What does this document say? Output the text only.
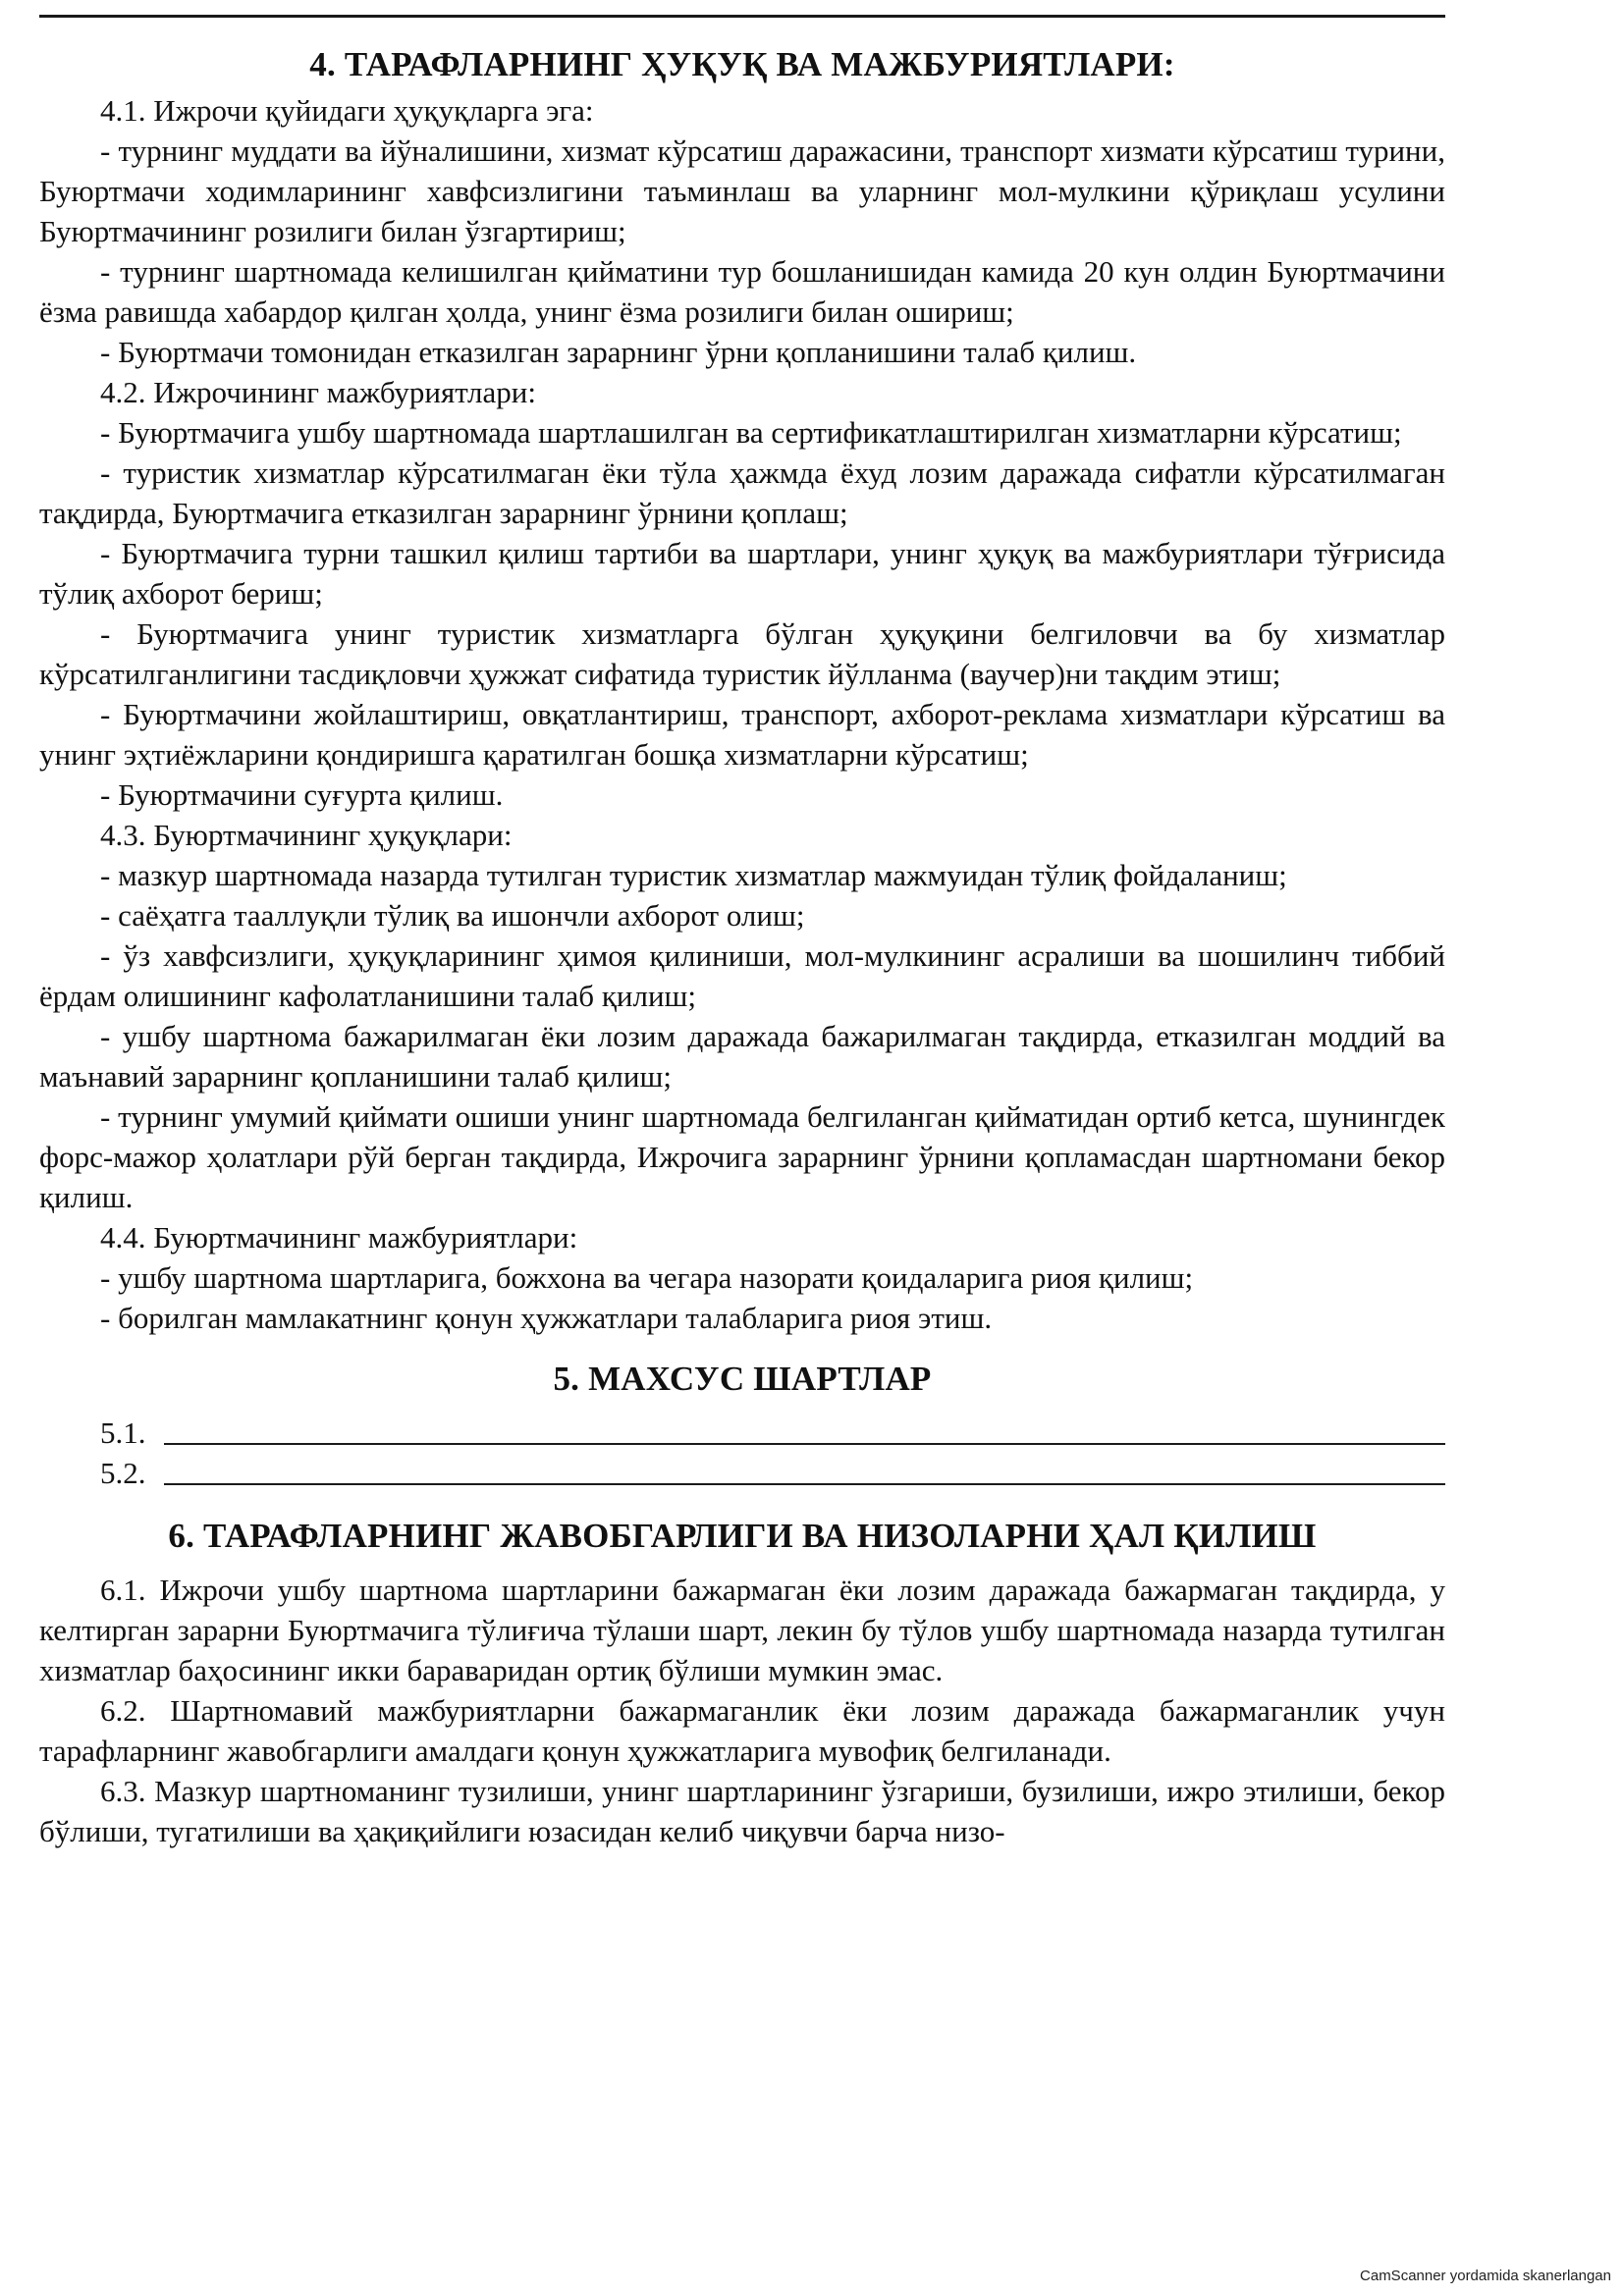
4. ТАРАФЛАРНИНГ ҲУҚУҚ ВА МАЖБУРИЯТЛАРИ:

4.1. Ижрочи қуйидаги ҳуқуқларга эга:

- турнинг муддати ва йўналишини, хизмат кўрсатиш даражасини, транспорт хизмати кўрсатиш турини, Буюртмачи ходимларининг хавфсизлигини таъминлаш ва уларнинг мол-мулкини қўриқлаш усулини Буюртмачининг розилиги билан ўзгартириш;

- турнинг шартномада келишилган қийматини тур бошланишидан камида 20 кун олдин Буюртмачини ёзма равишда хабардор қилган ҳолда, унинг ёзма розилиги билан ошириш;

- Буюртмачи томонидан етказилган зарарнинг ўрни қопланишини талаб қилиш.

4.2. Ижрочининг мажбуриятлари:

- Буюртмачига ушбу шартномада шартлашилган ва сертификатлаштирилган хизматларни кўрсатиш;

- туристик хизматлар кўрсатилмаган ёки тўла ҳажмда ёхуд лозим даражада сифатли кўрсатилмаган тақдирда, Буюртмачига етказилган зарарнинг ўрнини қоплаш;

- Буюртмачига турни ташкил қилиш тартиби ва шартлари, унинг ҳуқуқ ва мажбуриятлари тўғрисида тўлиқ ахборот бериш;

- Буюртмачига унинг туристик хизматларга бўлган ҳуқуқини белгиловчи ва бу хизматлар кўрсатилганлигини тасдиқловчи ҳужжат сифатида туристик йўлланма (ваучер)ни тақдим этиш;

- Буюртмачини жойлаштириш, овқатлантириш, транспорт, ахборот-реклама хизматлари кўрсатиш ва унинг эҳтиёжларини қондиришга қаратилган бошқа хизматларни кўрсатиш;

- Буюртмачини суғурта қилиш.

4.3. Буюртмачининг ҳуқуқлари:

- мазкур шартномада назарда тутилган туристик хизматлар мажмуидан тўлиқ фойдаланиш;

- саёҳатга тааллуқли тўлиқ ва ишончли ахборот олиш;

- ўз хавфсизлиги, ҳуқуқларининг ҳимоя қилиниши, мол-мулкининг асралиши ва шошилинч тиббий ёрдам олишининг кафолатланишини талаб қилиш;

- ушбу шартнома бажарилмаган ёки лозим даражада бажарилмаган тақдирда, етказилган моддий ва маънавий зарарнинг қопланишини талаб қилиш;

- турнинг умумий қиймати ошиши унинг шартномада белгиланган қийматидан ортиб кетса, шунингдек форс-мажор ҳолатлари рўй берган тақдирда, Ижрочига зарарнинг ўрнини қопламасдан шартномани бекор қилиш.

4.4. Буюртмачининг мажбуриятлари:

- ушбу шартнома шартларига, божхона ва чегара назорати қоидаларига риоя қилиш;

- борилган мамлакатнинг қонун ҳужжатлари талабларига риоя этиш.

5. МАХСУС ШАРТЛАР
5.1.
5.2.
6. ТАРАФЛАРНИНГ ЖАВОБГАРЛИГИ ВА НИЗОЛАРНИ ҲАЛ ҚИЛИШ

6.1. Ижрочи ушбу шартнома шартларини бажармаган ёки лозим даражада бажармаган тақдирда, у келтирган зарарни Буюртмачига тўлиғича тўлаши шарт, лекин бу тўлов ушбу шартномада назарда тутилган хизматлар баҳосининг икки бараваридан ортиқ бўлиши мумкин эмас.

6.2. Шартномавий мажбуриятларни бажармаганлик ёки лозим даражада бажармаганлик учун тарафларнинг жавобгарлиги амалдаги қонун ҳужжатларига мувофиқ белгиланади.

6.3. Мазкур шартноманинг тузилиши, унинг шартларининг ўзгариши, бузилиши, ижро этилиши, бекор бўлиши, тугатилиши ва ҳақиқийлиги юзасидан келиб чиқувчи барча низо-

CamScanner yordamida skanerlangan
